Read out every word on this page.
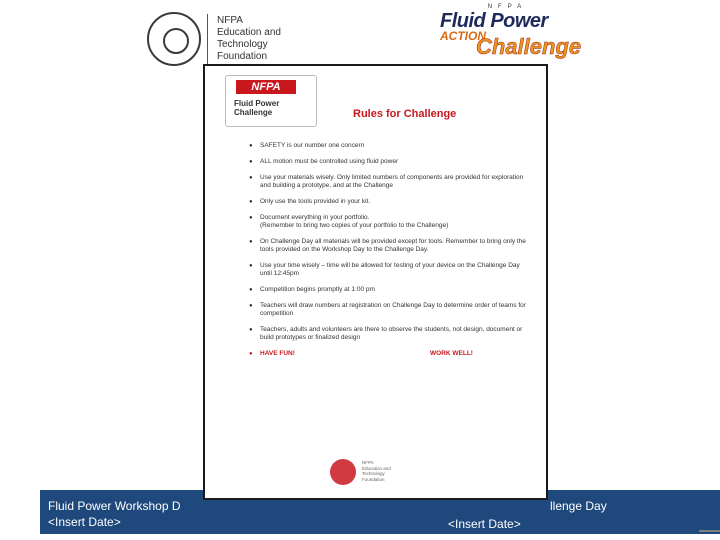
NFPA
Education and
Technology
Foundation
NFPA
Fluid Power
ACTION
Challenge
Fluid Power Workshop D
<Insert Date>
llenge Day
<Insert Date>
NFPA
Fluid Power
Challenge	Rules for Challenge
● SAFETY is our number one concern
● ALL motion must be controlled using fluid power
● Use your materials wisely. Only limited numbers of components are provided for exploration and building a prototype, and at the Challenge
● Only use the tools provided in your kit.
● Document everything in your portfolio.
(Remember to bring two copies of your portfolio to the Challenge)
● On Challenge Day all materials will be provided except for tools. Remember to bring only the tools provided on the Workshop Day to the Challenge Day.
● Use your time wisely – time will be allowed for testing of your device on the Challenge Day until 12:45pm
● Competition begins promptly at 1:00 pm
● Teachers will draw numbers at registration on Challenge Day to determine order of teams for competition
● Teachers, adults and volunteers are there to observe the students, not design, document or build prototypes or finalized design
● HAVE FUN!	WORK WELL!
NFPA
Education and
Technology
Foundation
